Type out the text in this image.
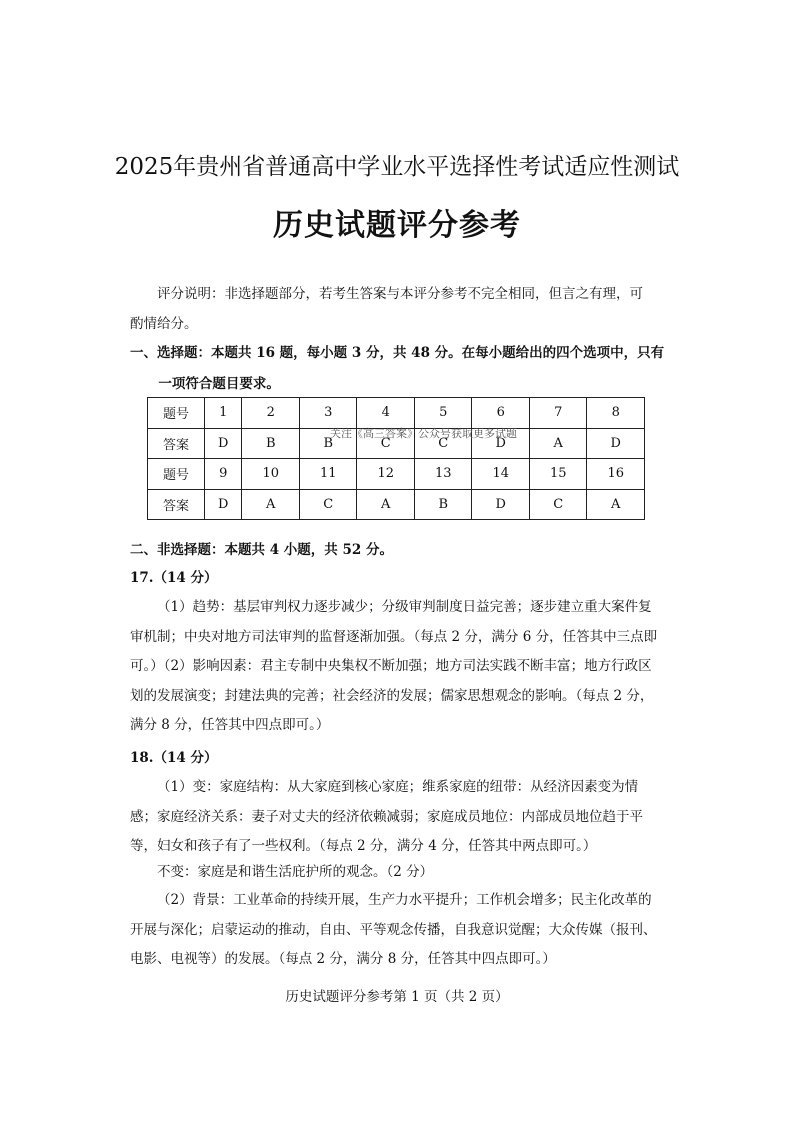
2025年贵州省普通高中学业水平选择性考试适应性测试
历史试题评分参考
评分说明：非选择题部分，若考生答案与本评分参考不完全相同，但言之有理，可
酌情给分。
一、选择题：本题共 16 题，每小题 3 分，共 48 分。在每小题给出的四个选项中，只有
一项符合题目要求。
题号	1	2	3	4	5	6	7	8
答案	D	B	B	C	C	D	A	D
题号	9	10	11	12	13	14	15	16
答案	D	A	C	A	B	D	C	A
关注《高三答案》公众号获取更多试题
二、非选择题：本题共 4 小题，共 52 分。
17.（14 分）
（1）趋势：基层审判权力逐步减少；分级审判制度日益完善；逐步建立重大案件复审机制；中央对地方司法审判的监督逐渐加强。（每点 2 分，满分 6 分，任答其中三点即可。）
（2）影响因素：君主专制中央集权不断加强；地方司法实践不断丰富；地方行政区划的发展演变；封建法典的完善；社会经济的发展；儒家思想观念的影响。（每点 2 分，满分 8 分，任答其中四点即可。）
18.（14 分）
（1）变：家庭结构：从大家庭到核心家庭；维系家庭的纽带：从经济因素变为情感；家庭经济关系：妻子对丈夫的经济依赖减弱；家庭成员地位：内部成员地位趋于平等，妇女和孩子有了一些权利。（每点 2 分，满分 4 分，任答其中两点即可。）
不变：家庭是和谐生活庇护所的观念。（2 分）
（2）背景：工业革命的持续开展，生产力水平提升；工作机会增多；民主化改革的开展与深化；启蒙运动的推动，自由、平等观念传播，自我意识觉醒；大众传媒（报刊、电影、电视等）的发展。（每点 2 分，满分 8 分，任答其中四点即可。）
历史试题评分参考第 1 页（共 2 页）
